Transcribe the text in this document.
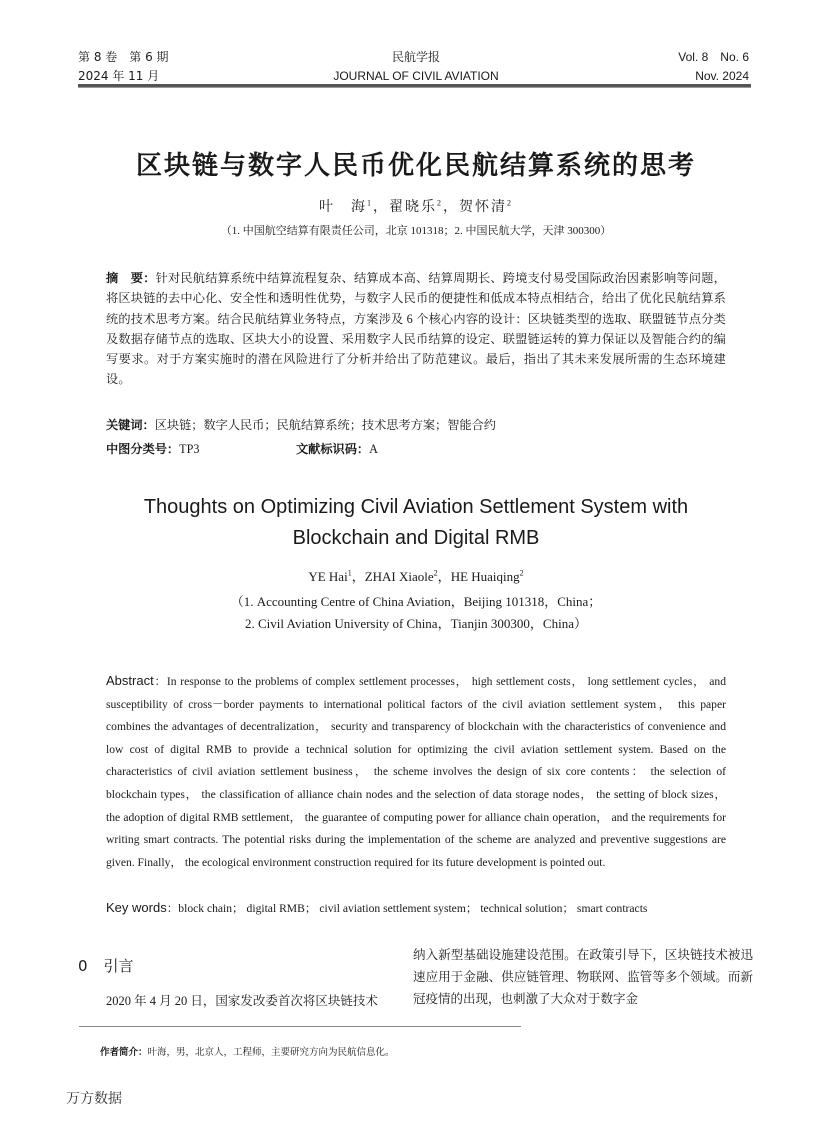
第 8 卷　第 6 期
2024 年 11 月
民航学报
JOURNAL OF CIVIL AVIATION
Vol. 8　No. 6
Nov. 2024
区块链与数字人民币优化民航结算系统的思考
叶　海$^1$，翟晓乐$^2$，贺怀清$^2$
（1. 中国航空结算有限责任公司，北京 101318；2. 中国民航大学，天津 300300）
摘　要：针对民航结算系统中结算流程复杂、结算成本高、结算周期长、跨境支付易受国际政治因素影响等问题，将区块链的去中心化、安全性和透明性优势，与数字人民币的便捷性和低成本特点相结合，给出了优化民航结算系统的技术思考方案。结合民航结算业务特点，方案涉及 6 个核心内容的设计：区块链类型的选取、联盟链节点分类及数据存储节点的选取、区块大小的设置、采用数字人民币结算的设定、联盟链运转的算力保证以及智能合约的编写要求。对于方案实施时的潜在风险进行了分析并给出了防范建议。最后，指出了其未来发展所需的生态环境建设。
关键词：区块链；数字人民币；民航结算系统；技术思考方案；智能合约
中图分类号：TP3	文献标识码：A
Thoughts on Optimizing Civil Aviation Settlement System with
Blockchain and Digital RMB
YE Hai$^1$，ZHAI Xiaole$^2$，HE Huaiqing$^2$
（1. Accounting Centre of China Aviation，Beijing 101318，China；
2. Civil Aviation University of China，Tianjin 300300，China）
Abstract：In response to the problems of complex settlement processes， high settlement costs， long settlement cycles， and susceptibility of cross－border payments to international political factors of the civil aviation settlement system， this paper combines the advantages of decentralization， security and transparency of blockchain with the characteristics of convenience and low cost of digital RMB to provide a technical solution for optimizing the civil aviation settlement system. Based on the characteristics of civil aviation settlement business， the scheme involves the design of six core contents： the selection of blockchain types， the classification of alliance chain nodes and the selection of data storage nodes， the setting of block sizes， the adoption of digital RMB settlement， the guarantee of computing power for alliance chain operation， and the requirements for writing smart contracts. The potential risks during the implementation of the scheme are analyzed and preventive suggestions are given. Finally， the ecological environment construction required for its future development is pointed out.
Key words：block chain； digital RMB； civil aviation settlement system； technical solution； smart contracts
0 引言
2020 年 4 月 20 日，国家发改委首次将区块链技术
纳入新型基础设施建设范围。在政策引导下，区块链技术被迅速应用于金融、供应链管理、物联网、监管等多个领域。而新冠疫情的出现，也刺激了大众对于数字金
作者简介：叶海，男，北京人，工程师，主要研究方向为民航信息化。
万方数据
